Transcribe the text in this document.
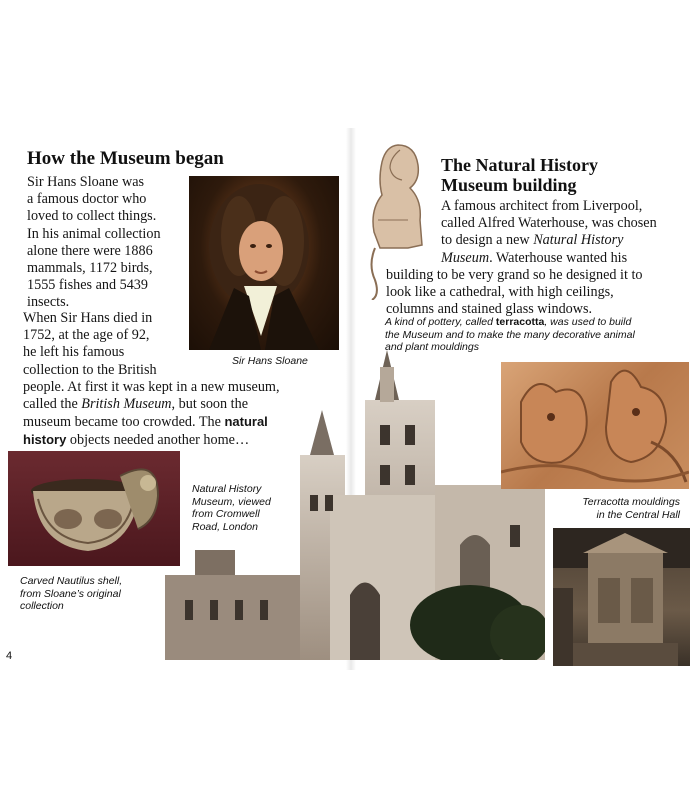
How the Museum began
Sir Hans Sloane was
a famous doctor who
loved to collect things.
In his animal collection
alone there were 1886
mammals, 1172 birds,
1555 fishes and 5439
insects.
When Sir Hans died in
1752, at the age of 92,
he left his famous
collection to the British
people. At first it was kept in a new museum,
called the British Museum, but soon the
museum became too crowded. The natural
history objects needed another home…
Sir Hans Sloane
Carved Nautilus shell,
from Sloane’s original
collection
Natural History
Museum, viewed
from Cromwell
Road, London
4
The Natural History
Museum building
A famous architect from Liverpool,
called Alfred Waterhouse, was chosen
to design a new Natural History
Museum. Waterhouse wanted his
building to be very grand so he designed it to
look like a cathedral, with high ceilings,
columns and stained glass windows.
A kind of pottery, called terracotta, was used to build
the Museum and to make the many decorative animal
and plant mouldings
Terracotta mouldings
in the Central Hall
